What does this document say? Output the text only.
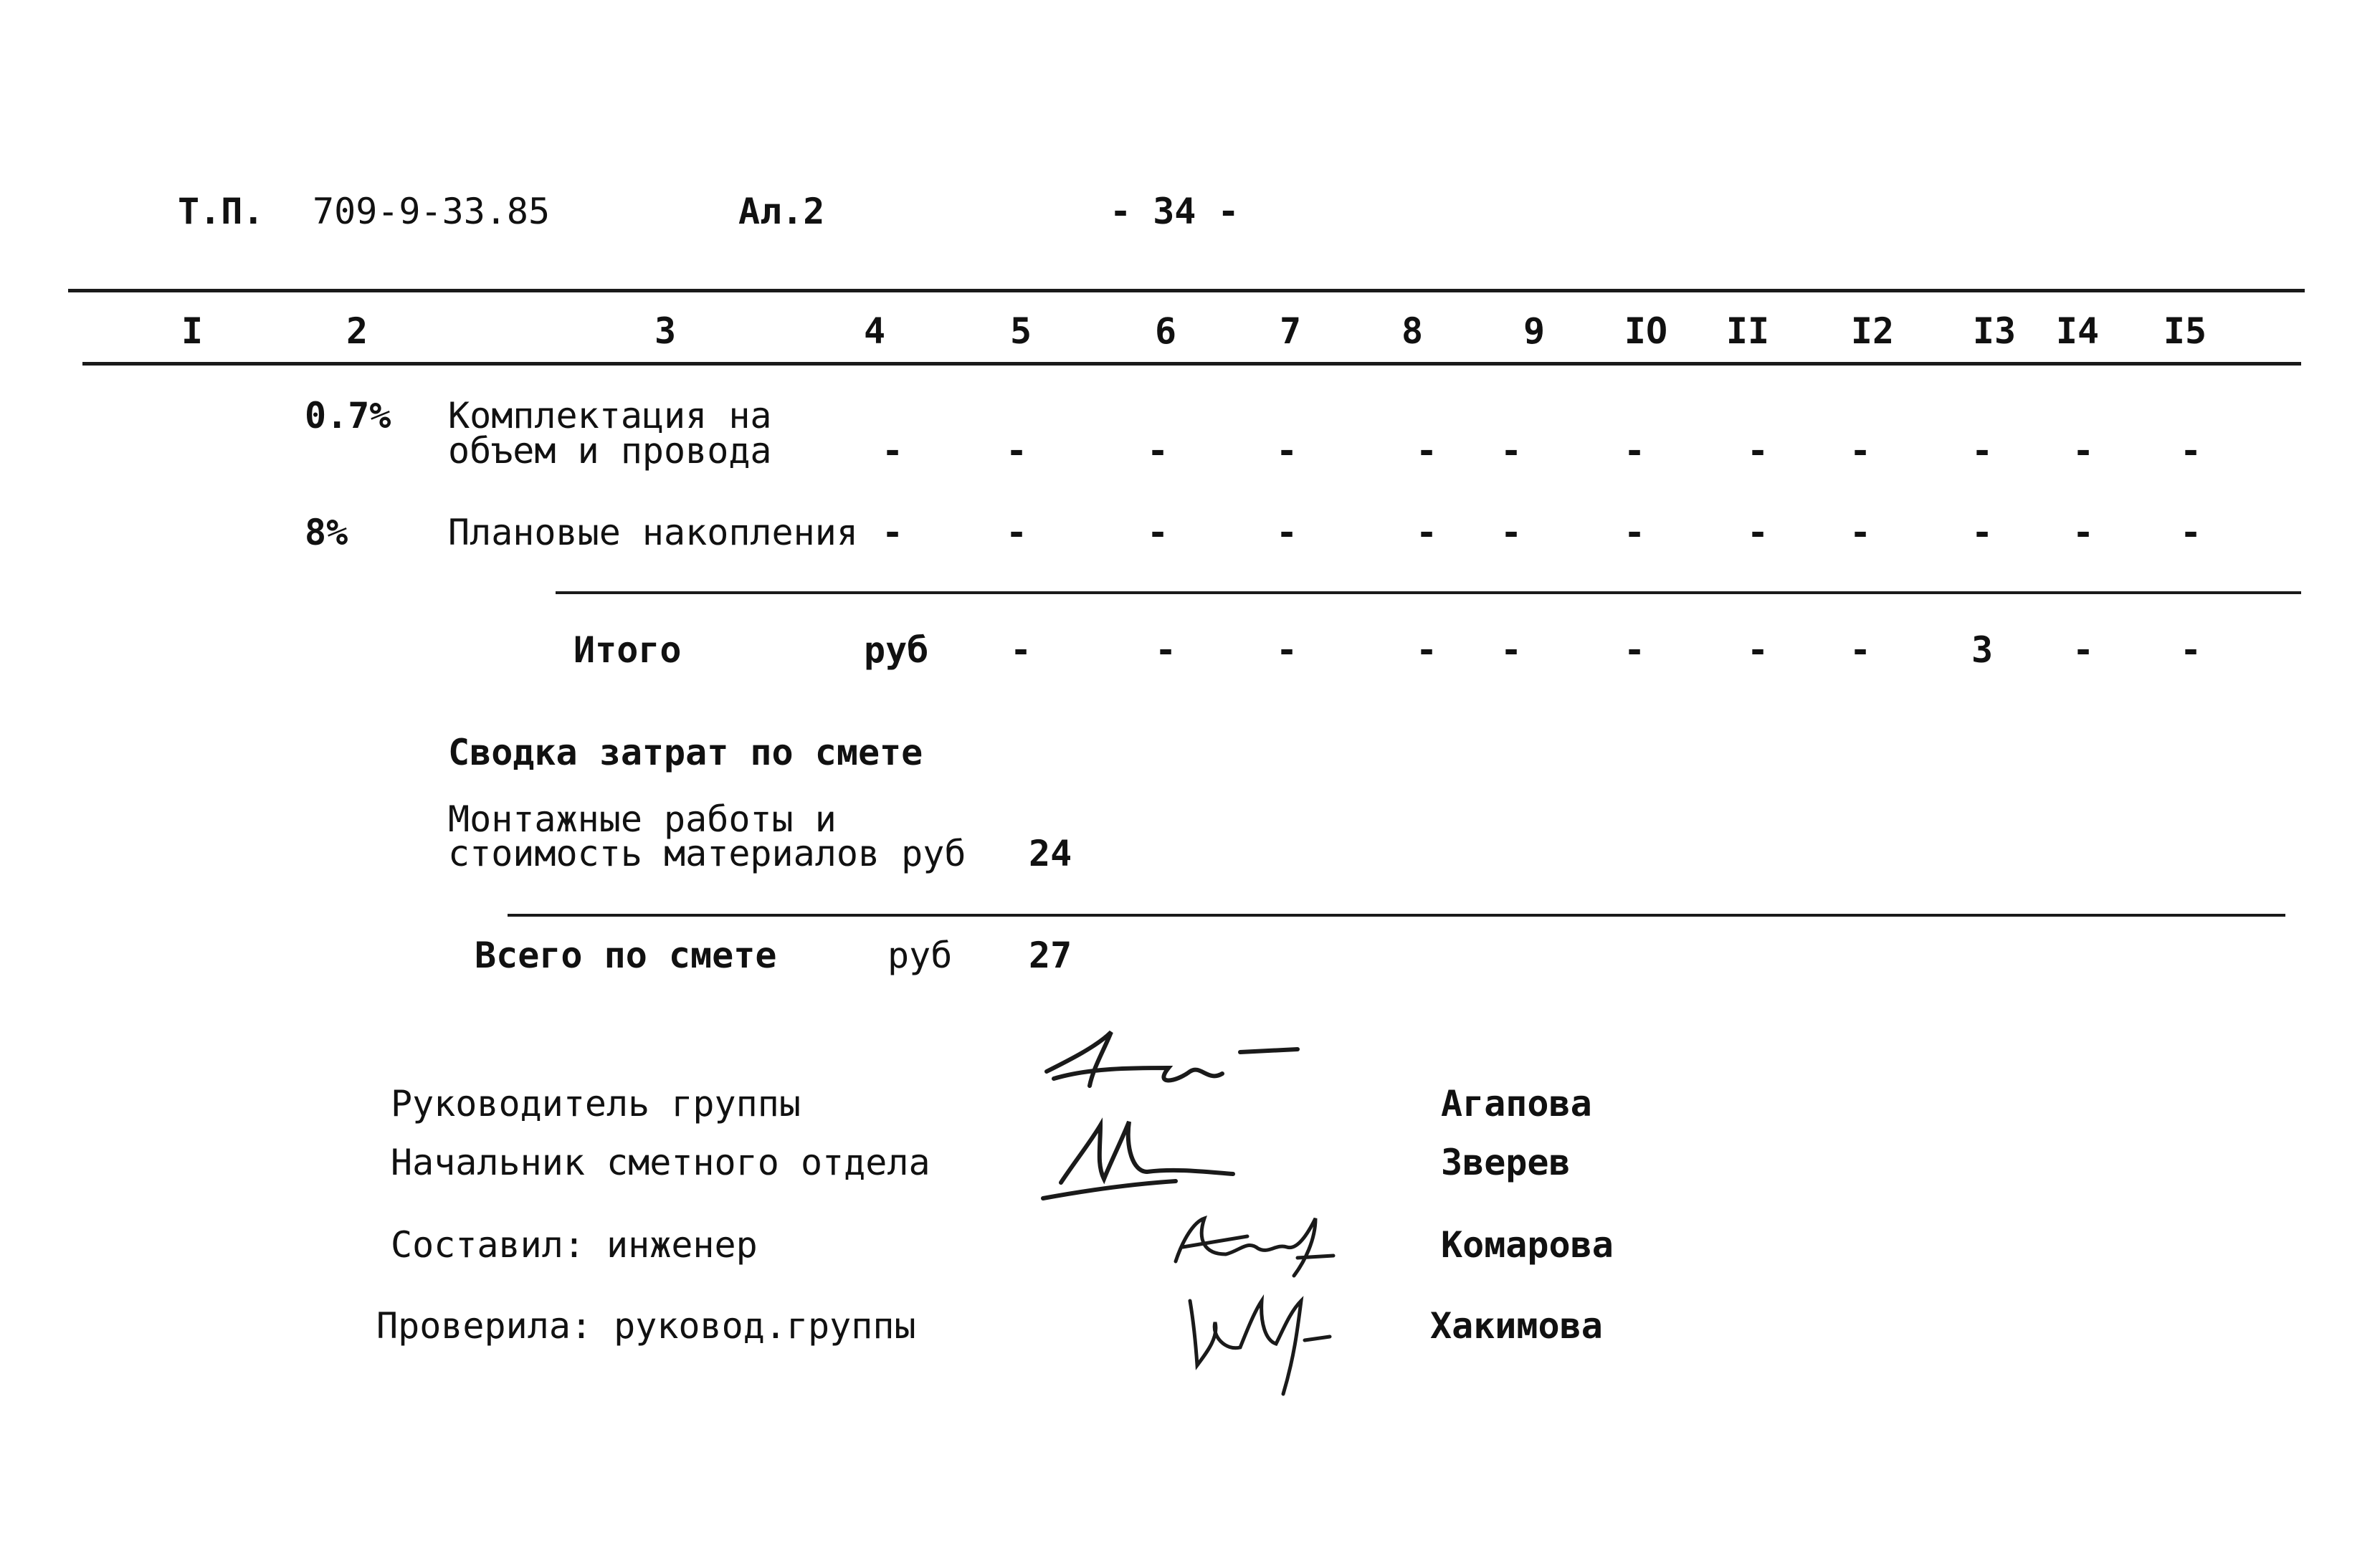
Т.П. 709-9-33.85	Ал.2	- 34 -
I	2	3	4	5	6	7	8	9 IO II I2 I3 I4 I5
0.7% Комплектация на
объем и провода	-	-	-	-	- -	-	- -	- - -
8%	Плановые накопления -	-	-	-	- -	-	- -	- - -
Итого	руб -	-	-	- -	-	- -	3 - -
Сводка затрат по смете
Монтажные работы и
стоимость материалов руб 24
Всего по смете	руб 27
Руководитель группы	Агапова
Начальник сметного отдела	Зверев
Составил: инженер	Комарова
Проверила: руковод.группы	Хакимова
